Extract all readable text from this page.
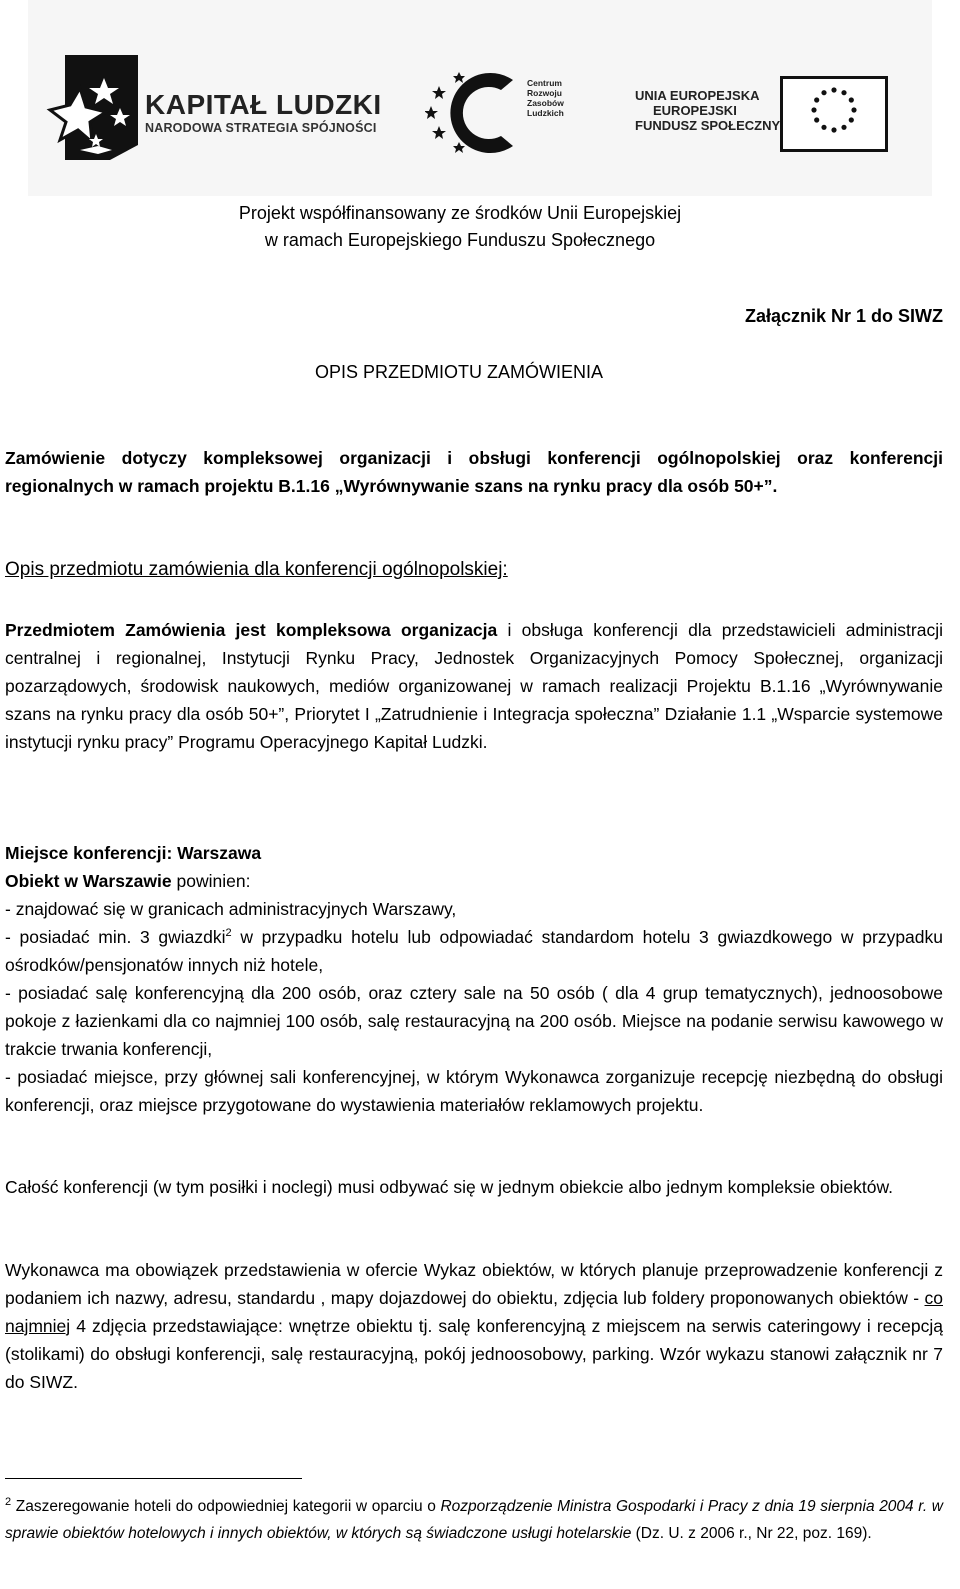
KAPITAŁ LUDZKI
NARODOWA STRATEGIA SPÓJNOŚCI
Centrum
Rozwoju
Zasobów
Ludzkich
UNIA EUROPEJSKA
EUROPEJSKI
FUNDUSZ SPOŁECZNY
Projekt współfinansowany ze środków Unii Europejskiej
w ramach Europejskiego Funduszu Społecznego
Załącznik Nr 1 do SIWZ
OPIS PRZEDMIOTU ZAMÓWIENIA
Zamówienie dotyczy kompleksowej organizacji i obsługi konferencji ogólnopolskiej oraz konferencji regionalnych w ramach projektu B.1.16 „Wyrównywanie szans na rynku pracy dla osób 50+”.
Opis przedmiotu zamówienia dla konferencji ogólnopolskiej:
Przedmiotem Zamówienia jest kompleksowa organizacja i obsługa konferencji dla przedstawicieli administracji centralnej i regionalnej, Instytucji Rynku Pracy, Jednostek Organizacyjnych Pomocy Społecznej, organizacji pozarządowych, środowisk naukowych, mediów organizowanej w ramach realizacji Projektu B.1.16 „Wyrównywanie szans na rynku pracy dla osób 50+”, Priorytet I „Zatrudnienie i Integracja społeczna” Działanie 1.1 „Wsparcie systemowe instytucji rynku pracy” Programu Operacyjnego Kapitał Ludzki.
Miejsce konferencji: Warszawa
Obiekt w Warszawie powinien:
- znajdować się w granicach administracyjnych Warszawy,
- posiadać min. 3 gwiazdki$^2$ w przypadku hotelu lub odpowiadać standardom hotelu 3 gwiazdkowego w przypadku ośrodków/pensjonatów innych niż hotele,
- posiadać salę konferencyjną dla 200 osób, oraz cztery sale na 50 osób ( dla 4 grup tematycznych), jednoosobowe pokoje z łazienkami dla co najmniej 100 osób, salę restauracyjną na 200 osób. Miejsce na podanie serwisu kawowego w trakcie trwania konferencji,
- posiadać miejsce, przy głównej sali konferencyjnej, w którym Wykonawca zorganizuje recepcję niezbędną do obsługi konferencji, oraz miejsce przygotowane do wystawienia materiałów reklamowych projektu.
Całość konferencji (w tym posiłki i noclegi) musi odbywać się w jednym obiekcie albo jednym kompleksie obiektów.
Wykonawca ma obowiązek przedstawienia w ofercie Wykaz obiektów, w których planuje przeprowadzenie konferencji z podaniem ich nazwy, adresu, standardu , mapy dojazdowej do obiektu, zdjęcia lub foldery proponowanych obiektów - co najmniej 4 zdjęcia przedstawiające: wnętrze obiektu tj. salę konferencyjną z miejscem na serwis cateringowy i recepcją (stolikami) do obsługi konferencji, salę restauracyjną, pokój jednoosobowy, parking. Wzór wykazu stanowi załącznik nr 7 do SIWZ.
$^2$ Zaszeregowanie hoteli do odpowiedniej kategorii w oparciu o Rozporządzenie Ministra Gospodarki i Pracy z dnia 19 sierpnia 2004 r. w sprawie obiektów hotelowych i innych obiektów, w których są świadczone usługi hotelarskie (Dz. U. z 2006 r., Nr 22, poz. 169).
